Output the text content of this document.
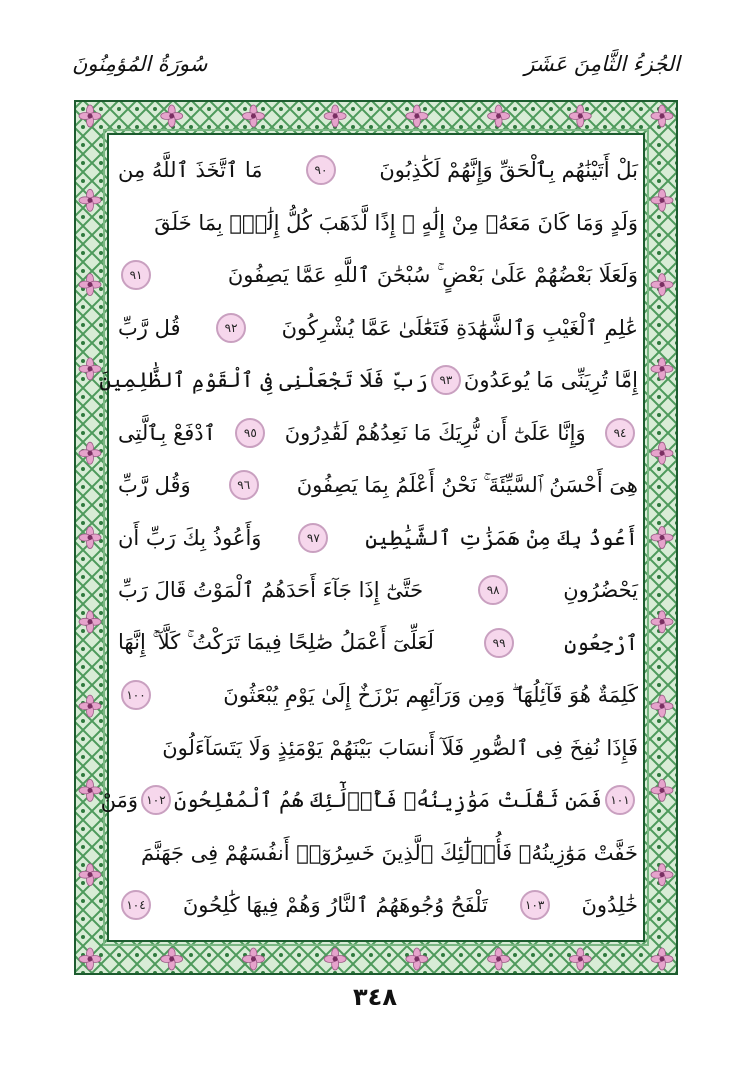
سُورَةُ المُؤمِنُونَ	الجُزءُ الثَّامِنَ عَشَرَ
بَلْ أَتَيْنَٰهُم بِٱلْحَقِّ وَإِنَّهُمْ لَكَٰذِبُونَ
٩٠
مَا ٱتَّخَذَ ٱللَّهُ مِن
وَلَدٍ وَمَا كَانَ مَعَهُۥ مِنْ إِلَٰهٍ ۚ إِذًا لَّذَهَبَ كُلُّ إِلَٰهٍۭ بِمَا خَلَقَ
وَلَعَلَا بَعْضُهُمْ عَلَىٰ بَعْضٍ ۚ سُبْحَٰنَ ٱللَّهِ عَمَّا يَصِفُونَ
٩١
عَٰلِمِ ٱلْغَيْبِ وَٱلشَّهَٰدَةِ فَتَعَٰلَىٰ عَمَّا يُشْرِكُونَ
٩٢
قُل رَّبِّ
إِمَّا تُرِيَنِّى مَا يُوعَدُونَ
٩٣
رَبِّ فَلَا تَجْعَلْنِى فِى ٱلْقَوْمِ ٱلظَّٰلِمِينَ
٩٤
وَإِنَّا عَلَىٰٓ أَن نُّرِيَكَ مَا نَعِدُهُمْ لَقَٰدِرُونَ
٩٥
ٱدْفَعْ بِٱلَّتِى
هِىَ أَحْسَنُ ٱلسَّيِّئَةَ ۚ نَحْنُ أَعْلَمُ بِمَا يَصِفُونَ
٩٦
وَقُل رَّبِّ
أَعُوذُ بِكَ مِنْ هَمَزَٰتِ ٱلشَّيَٰطِينِ
٩٧
وَأَعُوذُ بِكَ رَبِّ أَن
يَحْضُرُونِ
٩٨
حَتَّىٰٓ إِذَا جَآءَ أَحَدَهُمُ ٱلْمَوْتُ قَالَ رَبِّ
ٱرْجِعُونِ
٩٩
لَعَلِّىٓ أَعْمَلُ صَٰلِحًا فِيمَا تَرَكْتُ ۚ كَلَّآ ۚ إِنَّهَا
كَلِمَةٌ هُوَ قَآئِلُهَا ۖ وَمِن وَرَآئِهِم بَرْزَخٌ إِلَىٰ يَوْمِ يُبْعَثُونَ
١٠٠
فَإِذَا نُفِخَ فِى ٱلصُّورِ فَلَآ أَنسَابَ بَيْنَهُمْ يَوْمَئِذٍ وَلَا يَتَسَآءَلُونَ
١٠١
فَمَن ثَقُلَتْ مَوَٰزِينُهُۥ فَأُو۟لَٰٓئِكَ هُمُ ٱلْمُفْلِحُونَ
١٠٢
وَمَنْ
خَفَّتْ مَوَٰزِينُهُۥ فَأُو۟لَٰٓئِكَ ٱلَّذِينَ خَسِرُوٓا۟ أَنفُسَهُمْ فِى جَهَنَّمَ
خَٰلِدُونَ
١٠٣
تَلْفَحُ وُجُوهَهُمُ ٱلنَّارُ وَهُمْ فِيهَا كَٰلِحُونَ
١٠٤
٣٤٨
